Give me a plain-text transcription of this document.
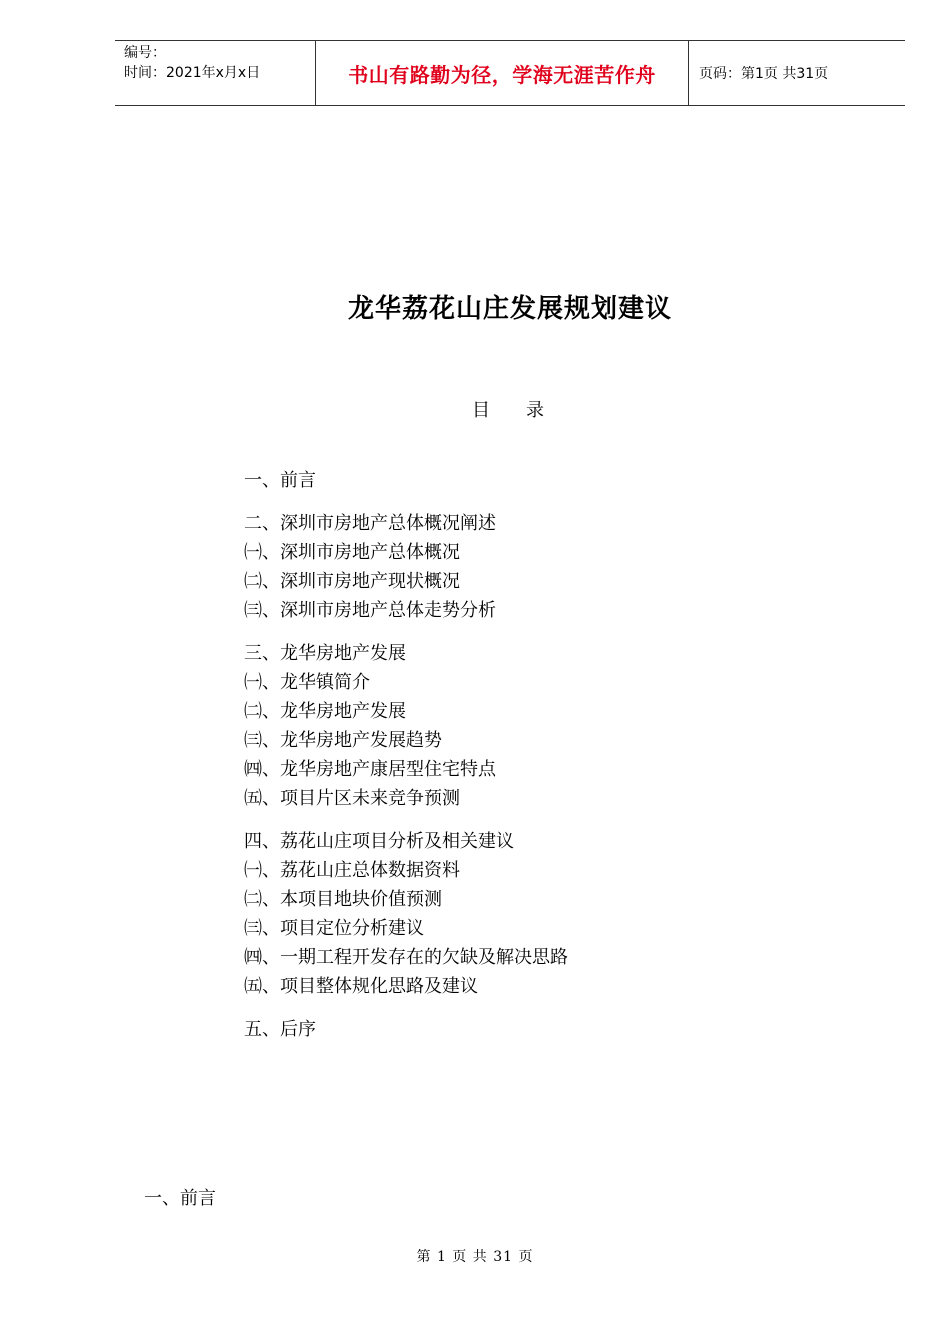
编号：
时间：2021年x月x日	书山有路勤为径，学海无涯苦作舟	页码：第1页 共31页
龙华荔花山庄发展规划建议
目 录
一、前言
二、深圳市房地产总体概况阐述
㈠、深圳市房地产总体概况
㈡、深圳市房地产现状概况
㈢、深圳市房地产总体走势分析
三、龙华房地产发展
㈠、龙华镇简介
㈡、龙华房地产发展
㈢、龙华房地产发展趋势
㈣、龙华房地产康居型住宅特点
㈤、项目片区未来竞争预测
四、荔花山庄项目分析及相关建议
㈠、荔花山庄总体数据资料
㈡、本项目地块价值预测
㈢、项目定位分析建议
㈣、一期工程开发存在的欠缺及解决思路
㈤、项目整体规化思路及建议
五、后序
一、前言
第 1 页 共 31 页
